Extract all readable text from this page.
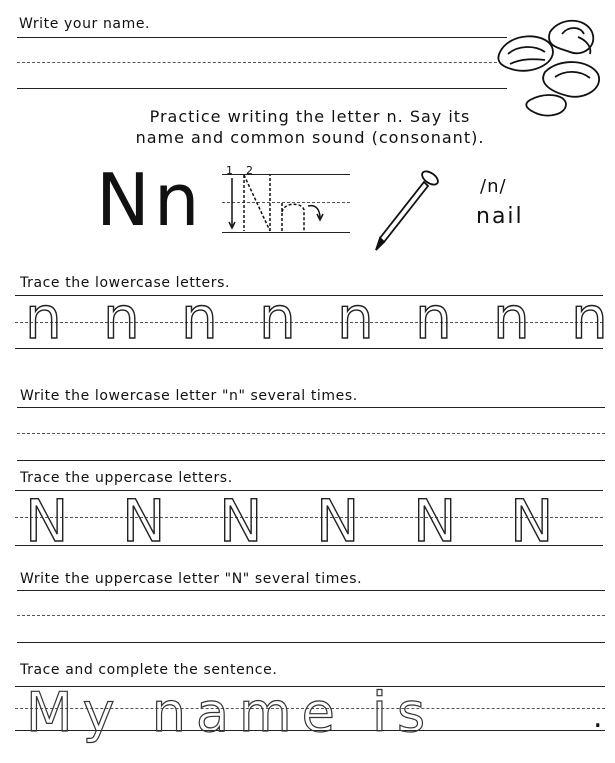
Write your name.
Practice writing the letter n. Say its
name and common sound (consonant).
Nn 1 2
/n/
nail
Trace the lowercase letters.
n n n n n n n n
Write the lowercase letter "n" several times.
Trace the uppercase letters.
N N N N N N
Write the uppercase letter "N" several times.
Trace and complete the sentence.
My name is	.
